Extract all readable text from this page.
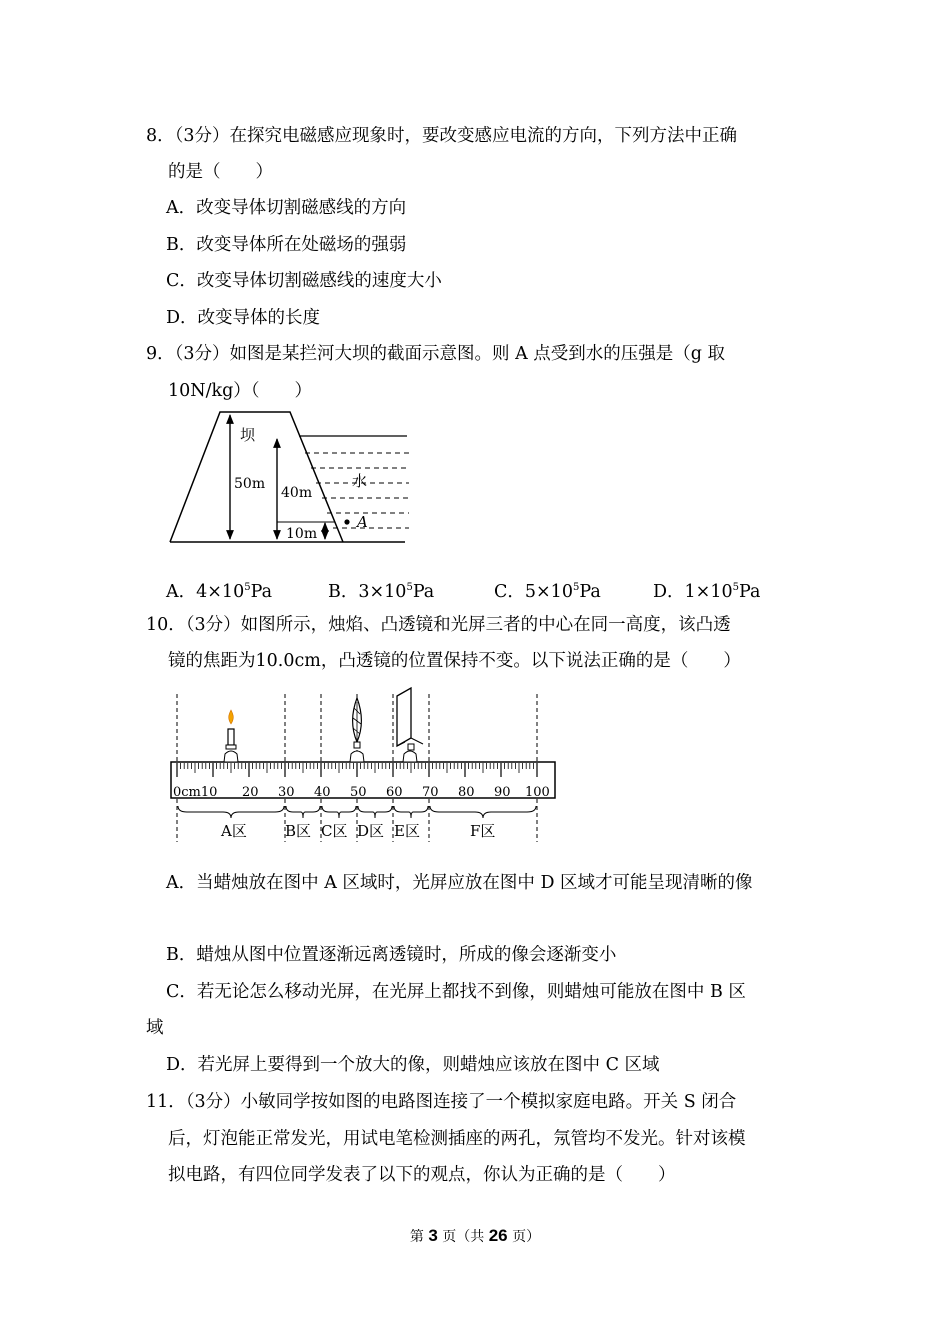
8．（3分）在探究电磁感应现象时，要改变感应电流的方向，下列方法中正确
的是（　　）
A．改变导体切割磁感线的方向
B．改变导体所在处磁场的强弱
C．改变导体切割磁感线的速度大小
D．改变导体的长度
9．（3分）如图是某拦河大坝的截面示意图。则 A 点受到水的压强是（g 取
10N/kg）（　　）
坝
水
50m
40m
10m
A
A．$4\times 10^5Pa$	B．$3\times 10^5Pa$	C．$5\times 10^5Pa$	D．$1\times 10^5Pa$
10．（3分）如图所示，烛焰、凸透镜和光屏三者的中心在同一高度，该凸透
镜的焦距为10.0cm，凸透镜的位置保持不变。以下说法正确的是（　　）
0cm10 20 30 40 50 60 70 80 90 100
A区	B区 C区 D区 E区	F区
A．当蜡烛放在图中 A 区域时，光屏应放在图中 D 区域才可能呈现清晰的像
B．蜡烛从图中位置逐渐远离透镜时，所成的像会逐渐变小
C．若无论怎么移动光屏，在光屏上都找不到像，则蜡烛可能放在图中 B 区
域
D．若光屏上要得到一个放大的像，则蜡烛应该放在图中 C 区域
11．（3分）小敏同学按如图的电路图连接了一个模拟家庭电路。开关 S 闭合
后，灯泡能正常发光，用试电笔检测插座的两孔，氖管均不发光。针对该模
拟电路，有四位同学发表了以下的观点，你认为正确的是（　　）
第 3 页（共 26 页）
